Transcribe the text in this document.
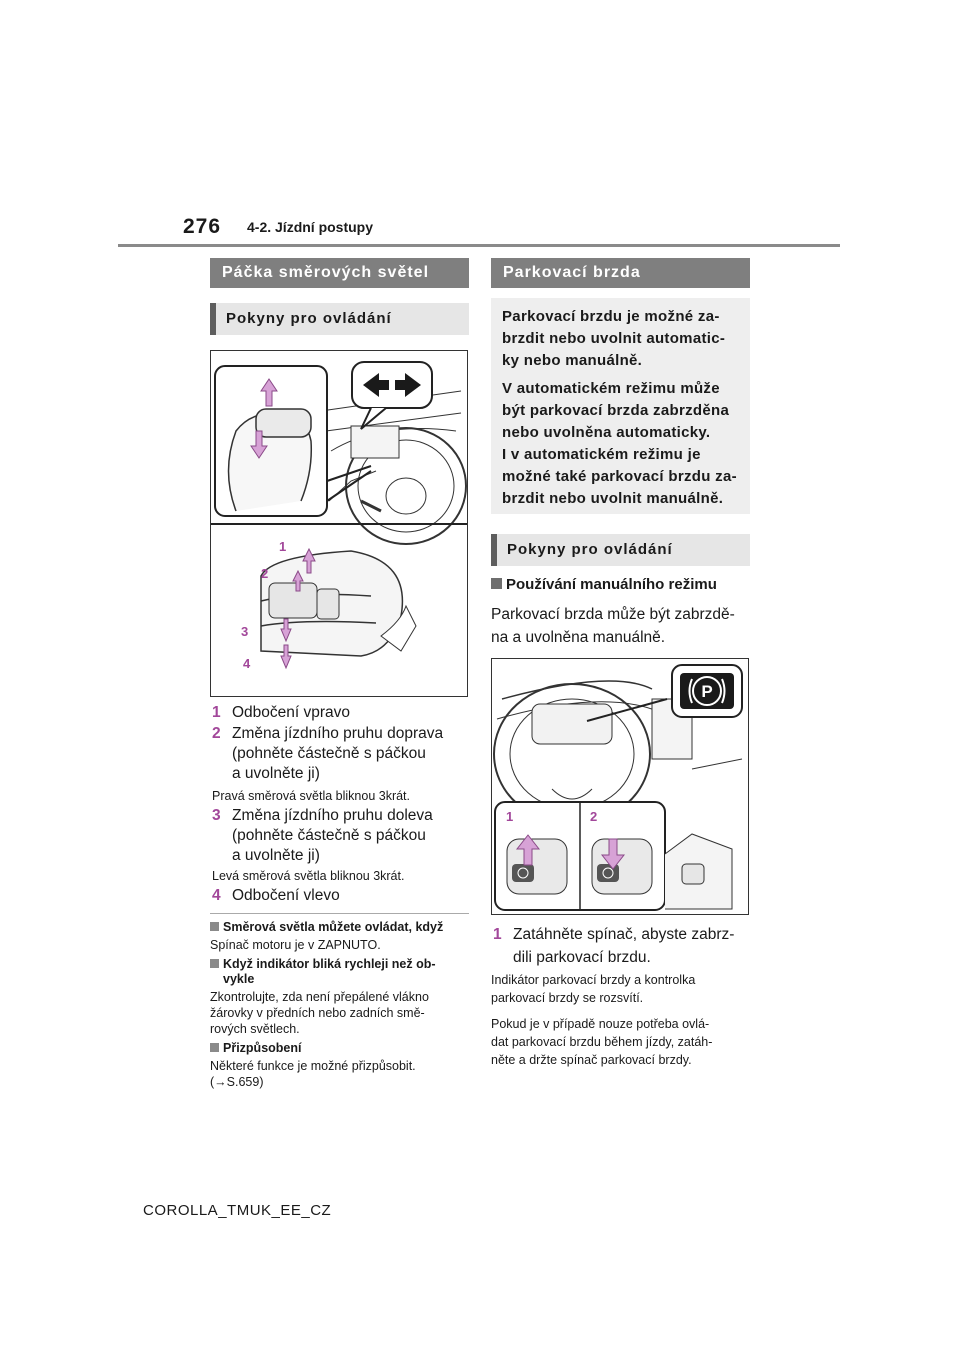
276 4-2. Jízdní postupy
Páčka směrových světel
Pokyny pro ovládání
1
2
3
4
1 Odbočení vpravo
2 Změna jízdního pruhu doprava
(pohněte částečně s páčkou
a uvolněte ji)
Pravá směrová světla bliknou 3krát.
3 Změna jízdního pruhu doleva
(pohněte částečně s páčkou
a uvolněte ji)
Levá směrová světla bliknou 3krát.
4 Odbočení vlevo
Směrová světla můžete ovládat, když
Spínač motoru je v ZAPNUTO.
Když indikátor bliká rychleji než ob-
vykle
Zkontrolujte, zda není přepálené vlákno
žárovky v předních nebo zadních smě-
rových světlech.
Přizpůsobení
Některé funkce je možné přizpůsobit.
(→S.659)
Parkovací brzda
Parkovací brzdu je možné za-
brzdit nebo uvolnit automatic-
ky nebo manuálně.
V automatickém režimu může
být parkovací brzda zabrzděna
nebo uvolněna automaticky.
I v automatickém režimu je
možné také parkovací brzdu za-
brzdit nebo uvolnit manuálně.
Pokyny pro ovládání
Používání manuálního režimu
Parkovací brzda může být zabrzdě-
na a uvolněna manuálně.
P
1	2
1 Zatáhněte spínač, abyste zabrz-
dili parkovací brzdu.
Indikátor parkovací brzdy a kontrolka
parkovací brzdy se rozsvítí.
Pokud je v případě nouze potřeba ovlá-
dat parkovací brzdu během jízdy, zatáh-
něte a držte spínač parkovací brzdy.
COROLLA_TMUK_EE_CZ
